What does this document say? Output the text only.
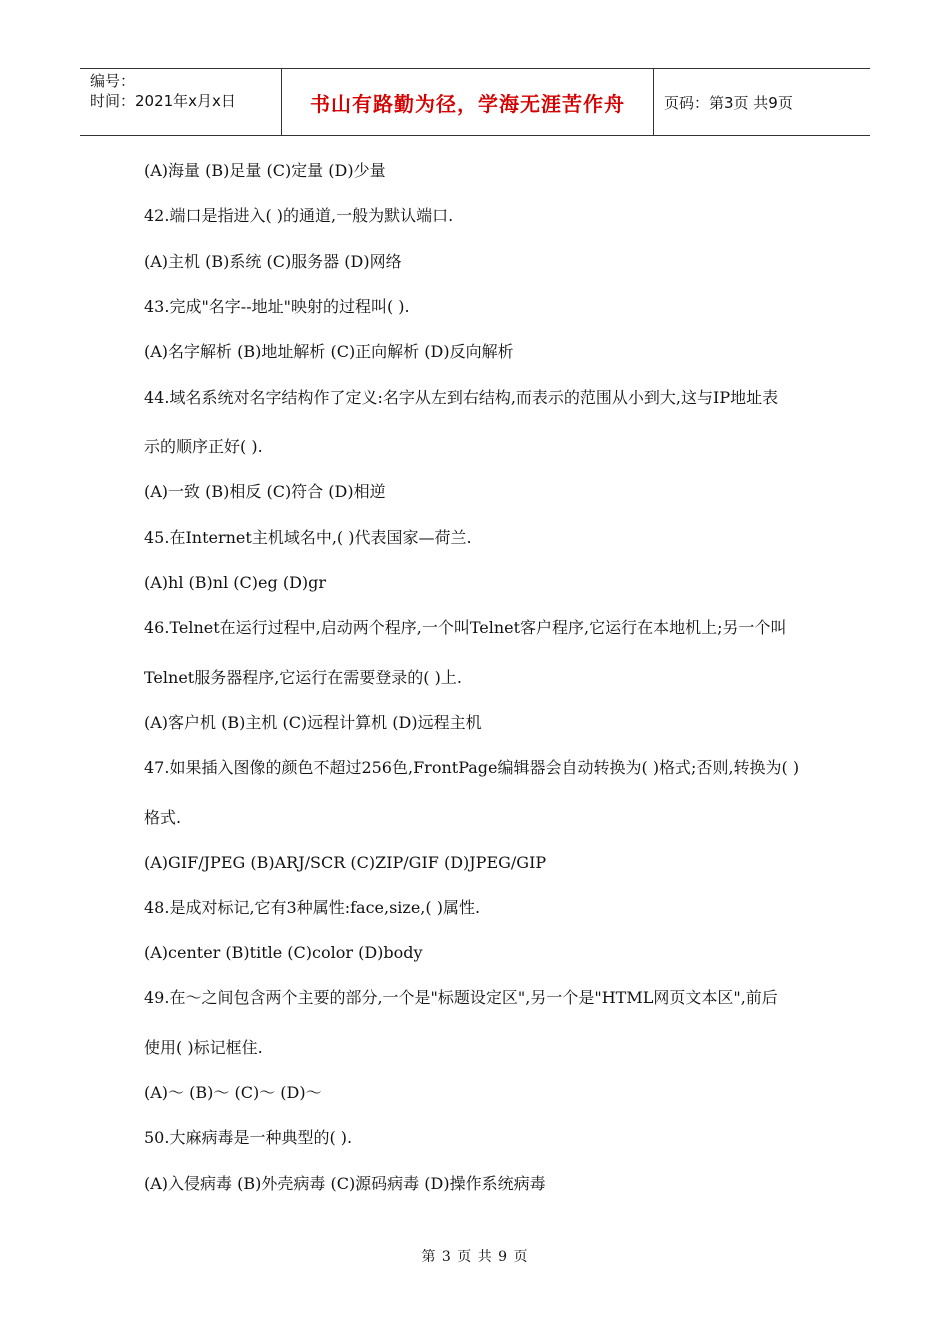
编号：
时间：2021年x月x日	书山有路勤为径，学海无涯苦作舟	页码：第3页 共9页
(A)海量 (B)足量 (C)定量 (D)少量
42.端口是指进入( )的通道,一般为默认端口.
(A)主机 (B)系统 (C)服务器 (D)网络
43.完成"名字--地址"映射的过程叫( ).
(A)名字解析 (B)地址解析 (C)正向解析 (D)反向解析
44.域名系统对名字结构作了定义:名字从左到右结构,而表示的范围从小到大,这与IP地址表
示的顺序正好( ).
(A)一致 (B)相反 (C)符合 (D)相逆
45.在Internet主机域名中,( )代表国家—荷兰.
(A)hl (B)nl (C)eg (D)gr
46.Telnet在运行过程中,启动两个程序,一个叫Telnet客户程序,它运行在本地机上;另一个叫
Telnet服务器程序,它运行在需要登录的( )上.
(A)客户机 (B)主机 (C)远程计算机 (D)远程主机
47.如果插入图像的颜色不超过256色,FrontPage编辑器会自动转换为( )格式;否则,转换为( )
格式.
(A)GIF/JPEG (B)ARJ/SCR (C)ZIP/GIF (D)JPEG/GIP
48.是成对标记,它有3种属性:face,size,( )属性.
(A)center (B)title (C)color (D)body
49.在～之间包含两个主要的部分,一个是"标题设定区",另一个是"HTML网页文本区",前后
使用( )标记框住.
(A)～ (B)～ (C)～ (D)～
50.大麻病毒是一种典型的( ).
(A)入侵病毒 (B)外壳病毒 (C)源码病毒 (D)操作系统病毒
第 3 页 共 9 页
